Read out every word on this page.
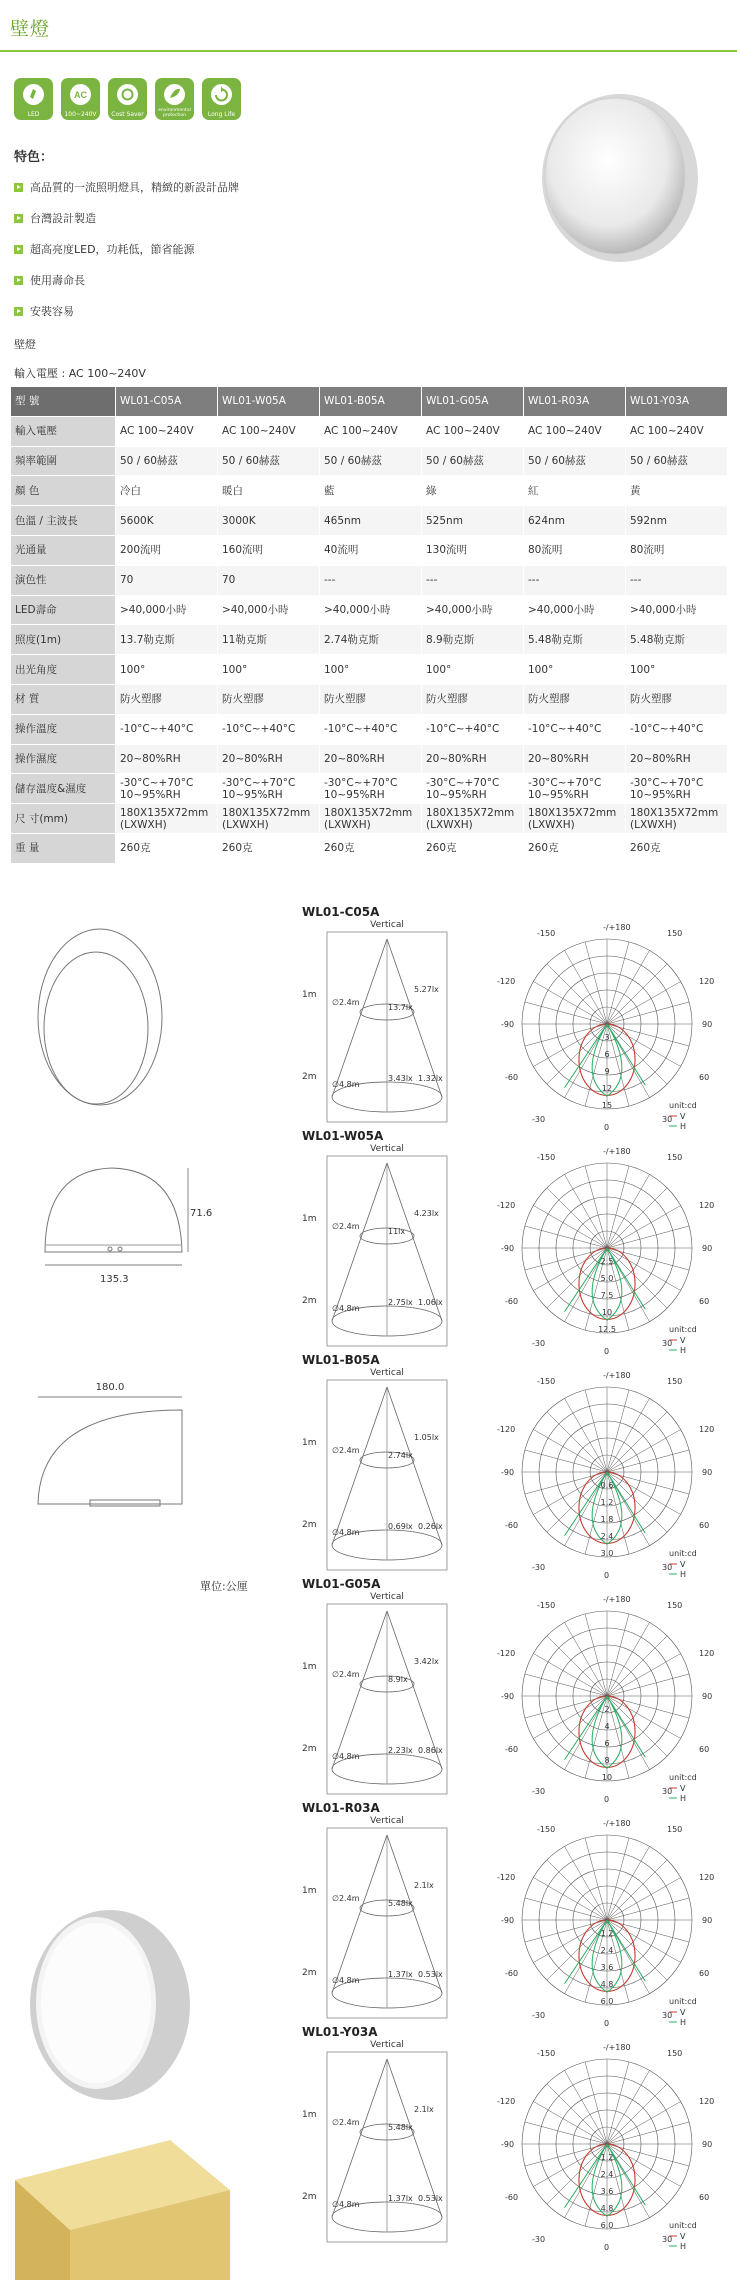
壁燈
LED
AC
100~240V	Cost Saver
environmental protection	Long Life
特色：
高品質的一流照明燈具，精緻的新設計品牌
台灣設計製造
超高亮度LED，功耗低，節省能源
使用壽命長
安裝容易
壁燈
輸入電壓 : AC 100~240V
型 號	WL01-C05A	WL01-W05A	WL01-B05A	WL01-G05A	WL01-R03A	WL01-Y03A
輸入電壓	AC 100~240V	AC 100~240V	AC 100~240V	AC 100~240V	AC 100~240V	AC 100~240V
頻率範圍	50 / 60赫茲	50 / 60赫茲	50 / 60赫茲	50 / 60赫茲	50 / 60赫茲	50 / 60赫茲
顏 色	冷白	暖白	藍	綠	紅	黃
色溫 / 主波長	5600K	3000K	465nm	525nm	624nm	592nm
光通量	200流明	160流明	40流明	130流明	80流明	80流明
演色性	70	70	---	---	---	---
LED壽命	>40,000小時	>40,000小時	>40,000小時	>40,000小時	>40,000小時	>40,000小時
照度(1m)	13.7勒克斯	11勒克斯	2.74勒克斯	8.9勒克斯	5.48勒克斯	5.48勒克斯
出光角度	100°	100°	100°	100°	100°	100°
材 質	防火塑膠	防火塑膠	防火塑膠	防火塑膠	防火塑膠	防火塑膠
操作溫度	-10°C~+40°C	-10°C~+40°C	-10°C~+40°C	-10°C~+40°C	-10°C~+40°C	-10°C~+40°C
操作濕度	20~80%RH	20~80%RH	20~80%RH	20~80%RH	20~80%RH	20~80%RH
儲存溫度&濕度	-30°C~+70°C 10~95%RH	-30°C~+70°C 10~95%RH	-30°C~+70°C 10~95%RH	-30°C~+70°C 10~95%RH	-30°C~+70°C 10~95%RH	-30°C~+70°C 10~95%RH
尺 寸(mm)	180X135X72mm (LXWXH)	180X135X72mm (LXWXH)	180X135X72mm (LXWXH)	180X135X72mm (LXWXH)	180X135X72mm (LXWXH)	180X135X72mm (LXWXH)
重 量	260克	260克	260克	260克	260克	260克
71.6
135.3
180.0
單位:公厘
WL01-C05A
Vertical
1m
2m
∅2.4m
∅4.8m
13.7lx
5.27lx
3.43lx 1.32lx
3
6
9
12
15
-150
-/+180
150
-120	120
-90	90
-60	60
-30
0
30
unit:cd
V
H
WL01-W05A
Vertical
1m
2m
∅2.4m
∅4.8m
11lx
4.23lx
2.75lx 1.06lx
2.5
5.0
7.5
10
12.5
-150
-/+180
150
-120	120
-90	90
-60	60
-30
0
30
unit:cd
V
H
WL01-B05A
Vertical
1m
2m
∅2.4m
∅4.8m
2.74lx
1.05lx
0.69lx 0.26lx
0.6
1.2
1.8
2.4
3.0
-150
-/+180
150
-120	120
-90	90
-60	60
-30
0
30
unit:cd
V
H
WL01-G05A
Vertical
1m
2m
∅2.4m
∅4.8m
8.9lx
3.42lx
2.23lx 0.86lx
2
4
6
8
10
-150
-/+180
150
-120	120
-90	90
-60	60
-30
0
30
unit:cd
V
H
WL01-R03A
Vertical
1m
2m
∅2.4m
∅4.8m
5.48lx
2.1lx
1.37lx 0.53lx
1.2
2.4
3.6
4.8
6.0
-150
-/+180
150
-120	120
-90	90
-60	60
-30
0
30
unit:cd
V
H
WL01-Y03A
Vertical
1m
2m
∅2.4m
∅4.8m
5.48lx
2.1lx
1.37lx 0.53lx
1.2
2.4
3.6
4.8
6.0
-150
-/+180
150
-120	120
-90	90
-60	60
-30
0
30
unit:cd
V
H
